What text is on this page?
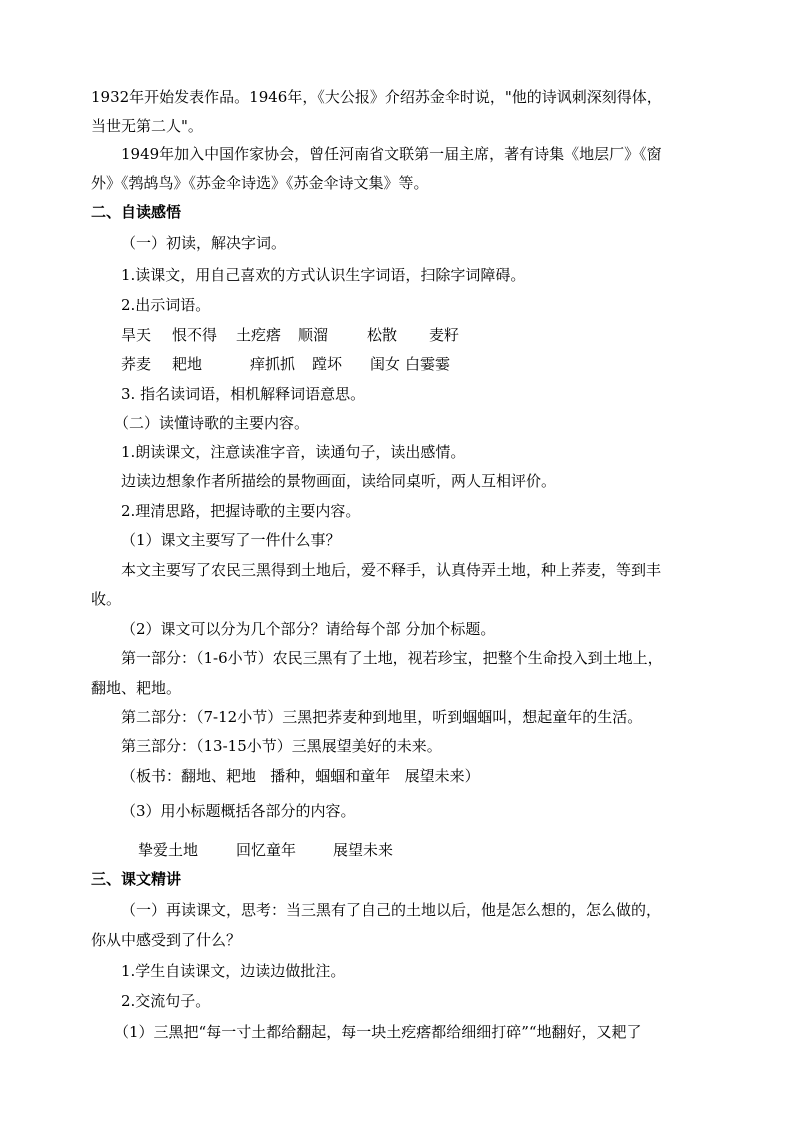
1932年开始发表作品。1946年，《大公报》介绍苏金伞时说，"他的诗讽刺深刻得体，
当世无第二人"。
1949年加入中国作家协会，曾任河南省文联第一届主席，著有诗集《地层厂》《窗
外》《鹁鸪鸟》《苏金伞诗选》《苏金伞诗文集》等。
二、自读感悟
（一）初读，解决字词。
1.读课文，用自己喜欢的方式认识生字词语，扫除字词障碍。
2.出示词语。
旱天 恨不得 土疙瘩 顺溜	松散 麦籽
荞麦 耙地	痒抓抓 蹚坏 闺女 白霎霎
3. 指名读词语，相机解释词语意思。
（二）读懂诗歌的主要内容。
1.朗读课文，注意读准字音，读通句子，读出感情。
边读边想象作者所描绘的景物画面，读给同桌听，两人互相评价。
2.理清思路，把握诗歌的主要内容。
（1）课文主要写了一件什么事？
本文主要写了农民三黑得到土地后，爱不释手，认真侍弄土地，种上荞麦，等到丰
收。
（2）课文可以分为几个部分？请给每个部 分加个标题。
第一部分：（1-6小节）农民三黑有了土地，视若珍宝，把整个生命投入到土地上，
翻地、耙地。
第二部分：（7-12小节）三黑把荞麦种到地里，听到蝈蝈叫，想起童年的生活。
第三部分：（13-15小节）三黑展望美好的未来。
（板书：翻地、耙地   播种，蝈蝈和童年   展望未来）
（3）用小标题概括各部分的内容。
挚爱土地	回忆童年 展望未来
三、课文精讲
（一）再读课文，思考：当三黑有了自己的土地以后，他是怎么想的，怎么做的，
你从中感受到了什么？
1.学生自读课文，边读边做批注。
2.交流句子。
（1）三黑把“每一寸土都给翻起，每一块土疙瘩都给细细打碎”“地翻好，又耙了
